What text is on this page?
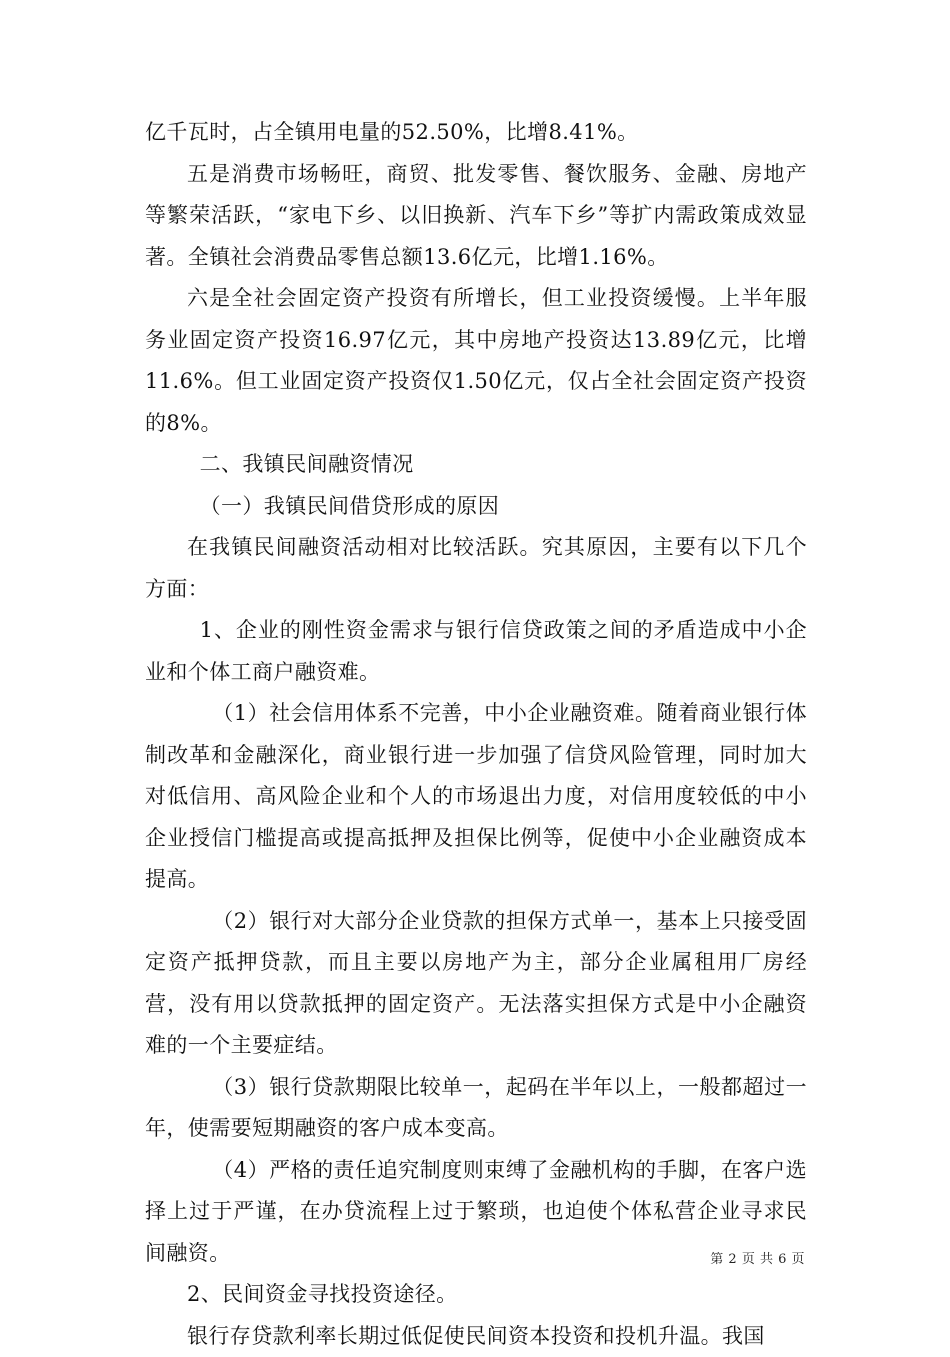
亿千瓦时，占全镇用电量的52.50%，比增8.41%。

五是消费市场畅旺，商贸、批发零售、餐饮服务、金融、房地产等繁荣活跃，“家电下乡、以旧换新、汽车下乡”等扩内需政策成效显著。全镇社会消费品零售总额13.6亿元，比增1.16%。

六是全社会固定资产投资有所增长，但工业投资缓慢。上半年服务业固定资产投资16.97亿元，其中房地产投资达13.89亿元，比增11.6%。但工业固定资产投资仅1.50亿元，仅占全社会固定资产投资的8%。

二、我镇民间融资情况

（一）我镇民间借贷形成的原因

在我镇民间融资活动相对比较活跃。究其原因，主要有以下几个方面：

1、企业的刚性资金需求与银行信贷政策之间的矛盾造成中小企业和个体工商户融资难。

（1）社会信用体系不完善，中小企业融资难。随着商业银行体制改革和金融深化，商业银行进一步加强了信贷风险管理，同时加大对低信用、高风险企业和个人的市场退出力度，对信用度较低的中小企业授信门槛提高或提高抵押及担保比例等，促使中小企业融资成本提高。

（2）银行对大部分企业贷款的担保方式单一，基本上只接受固定资产抵押贷款，而且主要以房地产为主，部分企业属租用厂房经营，没有用以贷款抵押的固定资产。无法落实担保方式是中小企融资难的一个主要症结。

（3）银行贷款期限比较单一，起码在半年以上，一般都超过一年，使需要短期融资的客户成本变高。

（4）严格的责任追究制度则束缚了金融机构的手脚，在客户选择上过于严谨，在办贷流程上过于繁琐，也迫使个体私营企业寻求民间融资。

2、民间资金寻找投资途径。

银行存贷款利率长期过低促使民间资本投资和投机升温。我国

第 2 页 共 6 页
